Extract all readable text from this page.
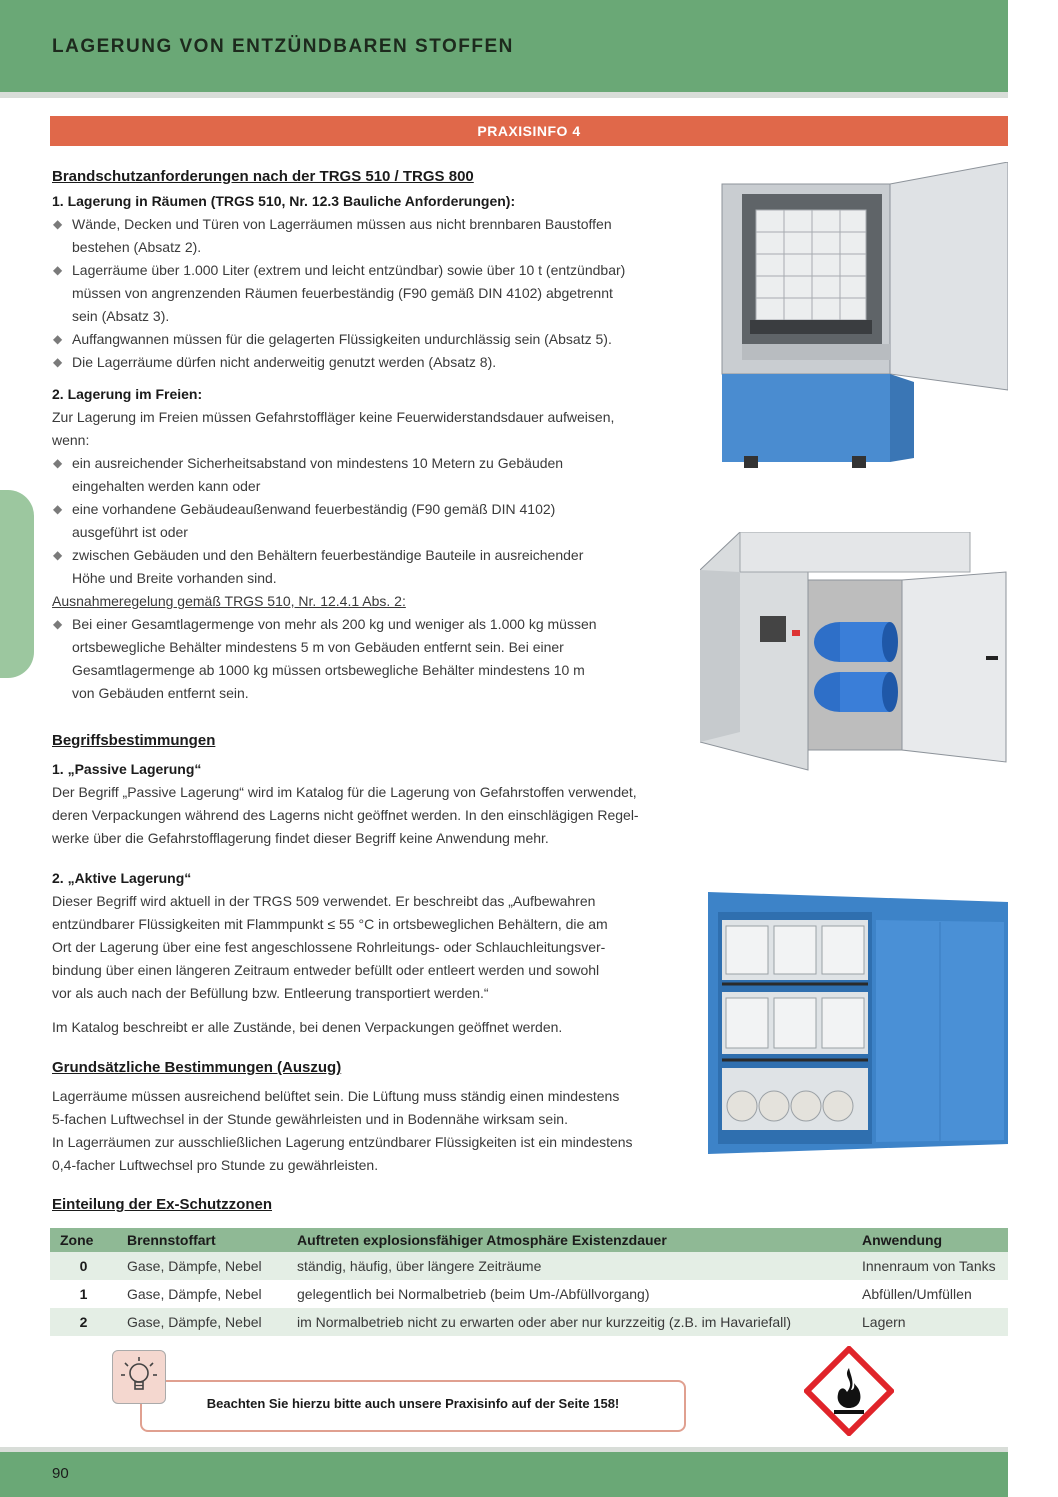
LAGERUNG VON ENTZÜNDBAREN STOFFEN
PRAXISINFO 4

Brandschutzanforderungen nach der TRGS 510 / TRGS 800

1. Lagerung in Räumen (TRGS 510, Nr. 12.3 Bauliche Anforderungen):

◆ Wände, Decken und Türen von Lagerräumen müssen aus nicht brennbaren Baustoffen
bestehen (Absatz 2).
◆ Lagerräume über 1.000 Liter (extrem und leicht entzündbar) sowie über 10 t (entzündbar)
müssen von angrenzenden Räumen feuerbeständig (F90 gemäß DIN 4102) abgetrennt
sein (Absatz 3).
◆ Auffangwannen müssen für die gelagerten Flüssigkeiten undurchlässig sein (Absatz 5).
◆ Die Lagerräume dürfen nicht anderweitig genutzt werden (Absatz 8).

2. Lagerung im Freien:

Zur Lagerung im Freien müssen Gefahrstoffläger keine Feuerwiderstandsdauer aufweisen,
wenn:
◆ ein ausreichender Sicherheitsabstand von mindestens 10 Metern zu Gebäuden
eingehalten werden kann oder
◆ eine vorhandene Gebäudeaußenwand feuerbeständig (F90 gemäß DIN 4102)
ausgeführt ist oder
◆ zwischen Gebäuden und den Behältern feuerbeständige Bauteile in ausreichender
Höhe und Breite vorhanden sind.

Ausnahmeregelung gemäß TRGS 510, Nr. 12.4.1 Abs. 2:

◆ Bei einer Gesamtlagermenge von mehr als 200 kg und weniger als 1.000 kg müssen
ortsbewegliche Behälter mindestens 5 m von Gebäuden entfernt sein. Bei einer
Gesamtlagermenge ab 1000 kg müssen ortsbewegliche Behälter mindestens 10 m
von Gebäuden entfernt sein.

Begriffsbestimmungen

1. „Passive Lagerung“

Der Begriff „Passive Lagerung“ wird im Katalog für die Lagerung von Gefahrstoffen verwendet,
deren Verpackungen während des Lagerns nicht geöffnet werden. In den einschlägigen Regel-
werke über die Gefahrstofflagerung findet dieser Begriff keine Anwendung mehr.

2. „Aktive Lagerung“

Dieser Begriff wird aktuell in der TRGS 509 verwendet. Er beschreibt das „Aufbewahren
entzündbarer Flüssigkeiten mit Flammpunkt ≤ 55 °C in ortsbeweglichen Behältern, die am
Ort der Lagerung über eine fest angeschlossene Rohrleitungs- oder Schlauchleitungsver-
bindung über einen längeren Zeitraum entweder befüllt oder entleert werden und sowohl
vor als auch nach der Befüllung bzw. Entleerung transportiert werden.“

Im Katalog beschreibt er alle Zustände, bei denen Verpackungen geöffnet werden.

Grundsätzliche Bestimmungen (Auszug)

Lagerräume müssen ausreichend belüftet sein. Die Lüftung muss ständig einen mindestens
5-fachen Luftwechsel in der Stunde gewährleisten und in Bodennähe wirksam sein.
In Lagerräumen zur ausschließlichen Lagerung entzündbarer Flüssigkeiten ist ein mindestens
0,4-facher Luftwechsel pro Stunde zu gewährleisten.

Einteilung der Ex-Schutzzonen

Zone	Brennstoffart	Auftreten explosionsfähiger Atmosphäre Existenzdauer	Anwendung
0	Gase, Dämpfe, Nebel	ständig, häufig, über längere Zeiträume	Innenraum von Tanks
1	Gase, Dämpfe, Nebel	gelegentlich bei Normalbetrieb (beim Um-/Abfüllvorgang)	Abfüllen/Umfüllen
2	Gase, Dämpfe, Nebel	im Normalbetrieb nicht zu erwarten oder aber nur kurzzeitig (z.B. im Havariefall)	Lagern
Beachten Sie hierzu bitte auch unsere Praxisinfo auf der Seite 158!
90
